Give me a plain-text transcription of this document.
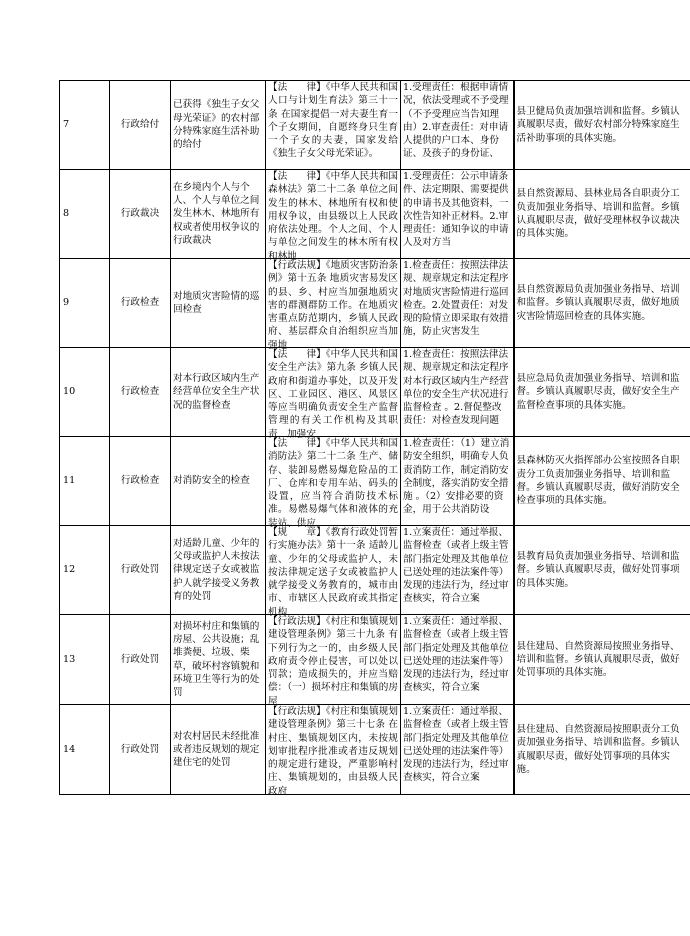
7	行政给付	已获得《独生子女父母光荣证》的农村部分特殊家庭生活补助的给付	【法　　律】《中华人民共和国人口与计划生育法》第三十一条 在国家提倡一对夫妻生育一个子女期间，自愿终身只生育一个子女的夫妻，国家发给《独生子女父母光荣证》。	1.受理责任：根据申请情况，依法受理或不予受理（不予受理应当告知理由）2.审查责任：对申请人提供的户口本、身份证、及孩子的身份证、	县卫健局负责加强培训和监督。乡镇认真履职尽责，做好农村部分特殊家庭生活补助事项的具体实施。

8	行政裁决	在乡境内个人与个人、个人与单位之间发生林木、林地所有权或者使用权争议的行政裁决	【法　　律】《中华人民共和国森林法》第二十二条 单位之间发生的林木、林地所有权和使用权争议，由县级以上人民政府依法处理。个人之间、个人与单位之间发生的林木所有权和林地	1.受理责任：公示申请条件、法定期限、需要提供的申请书及其他资料，一次性告知补正材料。2.审理责任：通知争议的申请人及对方当	县自然资源局、县林业局各自职责分工负责加强业务指导、培训和监督。乡镇认真履职尽责，做好受理林权争议裁决的具体实施。

9	行政检查	对地质灾害险情的巡回检查	【行政法规】《地质灾害防治条例》第十五条 地质灾害易发区的县、乡、村应当加强地质灾害的群测群防工作。在地质灾害重点防范期内，乡镇人民政府、基层群众自治组织应当加强地	1.检查责任：按照法律法规、规章规定和法定程序对地质灾害险情进行巡回检查。2.处置责任：对发现的险情立即采取有效措施，防止灾害发生	县自然资源局负责加强业务指导、培训和监督。乡镇认真履职尽责，做好地质灾害险情巡回检查的具体实施。

10	行政检查	对本行政区域内生产经营单位安全生产状况的监督检查	【法　　律】《中华人民共和国安全生产法》第九条 乡镇人民政府和街道办事处，以及开发区、工业园区、港区、风景区等应当明确负责安全生产监督管理的有关工作机构及其职责，加强安	1.检查责任：按照法律法规、规章规定和法定程序对本行政区域内生产经营单位的安全生产状况进行监督检查 。2.督促整改责任：对检查发现问题	县应急局负责加强业务指导、培训和监督。乡镇认真履职尽责，做好安全生产监督检查事项的具体实施。

11	行政检查	对消防安全的检查	【法　　律】《中华人民共和国消防法》第二十二条 生产、储存、装卸易燃易爆危险品的工厂、仓库和专用车站、码头的设置，应当符合消防技术标准。易燃易爆气体和液体的充装站、供应	1.检查责任：（1）建立消防安全组织，明确专人负责消防工作，制定消防安全制度，落实消防安全措施 。（2）安排必要的资金，用于公共消防设	县森林防灭火指挥部办公室按照各自职责分工负责加强业务指导、培训和监督。乡镇认真履职尽责，做好消防安全检查事项的具体实施。

12	行政处罚	对适龄儿童、少年的父母或监护人未按法律规定送子女或被监护人就学接受义务教育的处罚	【规　　章】《教育行政处罚暂行实施办法》第十一条 适龄儿童、少年的父母或监护人，未按法律规定送子女或被监护人就学接受义务教育的，城市由市、市辖区人民政府或其指定机构，	1.立案责任：通过举报、监督检查（或者上级主管部门指定处理及其他单位已送处理的违法案件等）发现的违法行为，经过审查核实，符合立案	县教育局负责加强业务指导、培训和监督。乡镇认真履职尽责，做好处罚事项的具体实施。

13	行政处罚	对损坏村庄和集镇的房屋、公共设施；乱堆粪便、垃圾、柴草，破坏村容镇貌和环境卫生等行为的处罚	【行政法规】《村庄和集镇规划建设管理条例》第三十九条 有下列行为之一的，由乡级人民政府责令停止侵害，可以处以罚款；造成损失的，并应当赔偿：（一）损坏村庄和集镇的房屋	1.立案责任：通过举报、监督检查（或者上级主管部门指定处理及其他单位已送处理的违法案件等）发现的违法行为，经过审查核实，符合立案	县住建局、自然资源局按照业务指导、培训和监督。乡镇认真履职尽责，做好处罚事项的具体实施。

14	行政处罚	对农村居民未经批准或者违反规划的规定建住宅的处罚	【行政法规】《村庄和集镇规划建设管理条例》第三十七条 在村庄、集镇规划区内，未按规划审批程序批准或者违反规划的规定进行建设，严重影响村庄、集镇规划的，由县级人民政府	1.立案责任：通过举报、监督检查（或者上级主管部门指定处理及其他单位已送处理的违法案件等）发现的违法行为，经过审查核实，符合立案	县住建局、自然资源局按照职责分工负责加强业务指导、培训和监督。乡镇认真履职尽责，做好处罚事项的具体实施。
